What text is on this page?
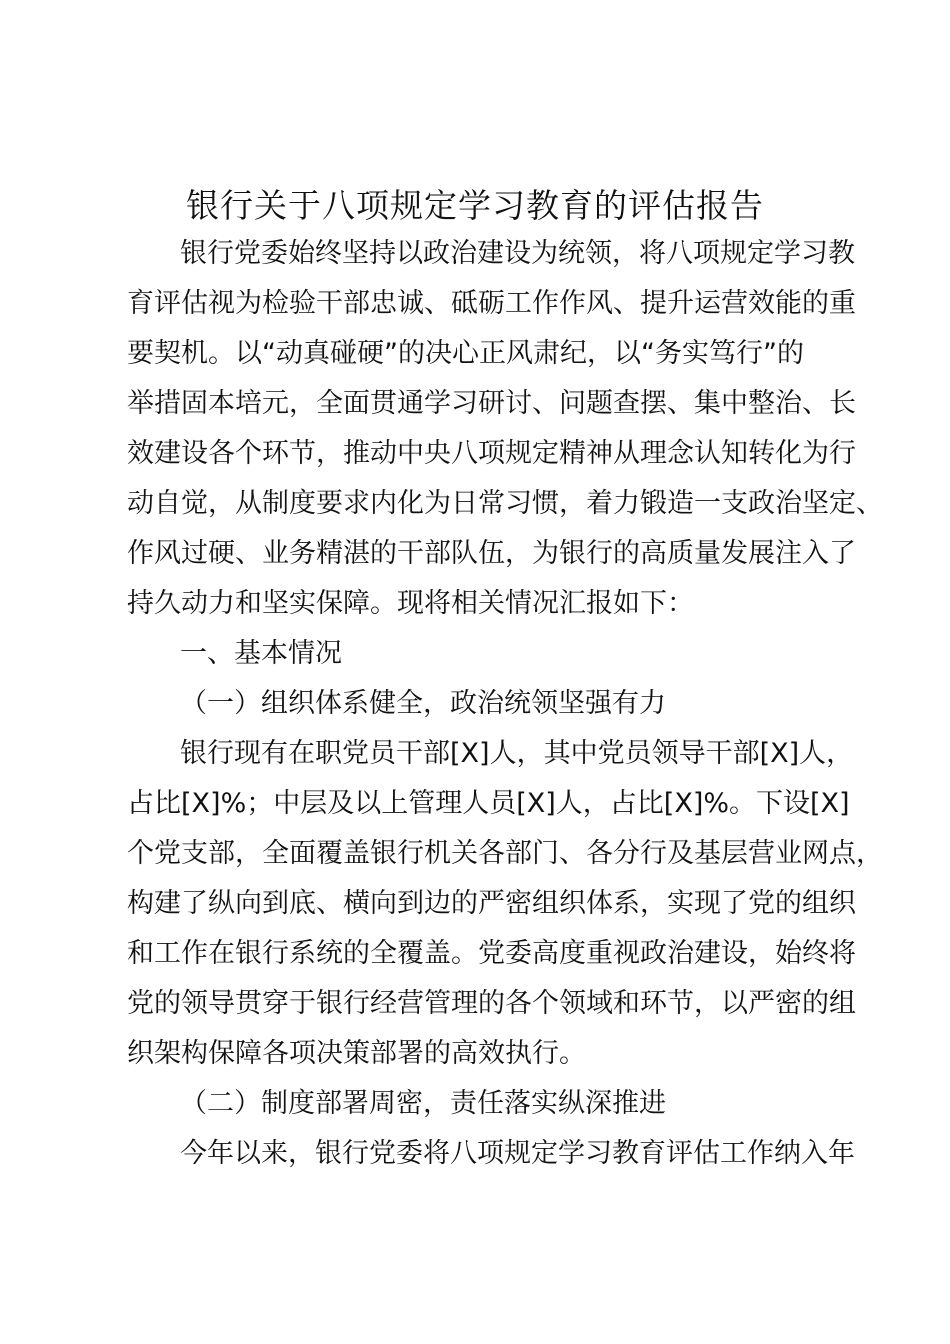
银行关于八项规定学习教育的评估报告
银行党委始终坚持以政治建设为统领，将八项规定学习教
育评估视为检验干部忠诚、砥砺工作作风、提升运营效能的重
要契机。以“动真碰硬”的决心正风肃纪，以“务实笃行”的
举措固本培元，全面贯通学习研讨、问题查摆、集中整治、长
效建设各个环节，推动中央八项规定精神从理念认知转化为行
动自觉，从制度要求内化为日常习惯，着力锻造一支政治坚定、
作风过硬、业务精湛的干部队伍，为银行的高质量发展注入了
持久动力和坚实保障。现将相关情况汇报如下：
一、基本情况
（一）组织体系健全，政治统领坚强有力
银行现有在职党员干部[X]人，其中党员领导干部[X]人，
占比[X]%；中层及以上管理人员[X]人，占比[X]%。下设[X]
个党支部，全面覆盖银行机关各部门、各分行及基层营业网点，
构建了纵向到底、横向到边的严密组织体系，实现了党的组织
和工作在银行系统的全覆盖。党委高度重视政治建设，始终将
党的领导贯穿于银行经营管理的各个领域和环节，以严密的组
织架构保障各项决策部署的高效执行。
（二）制度部署周密，责任落实纵深推进
今年以来，银行党委将八项规定学习教育评估工作纳入年
